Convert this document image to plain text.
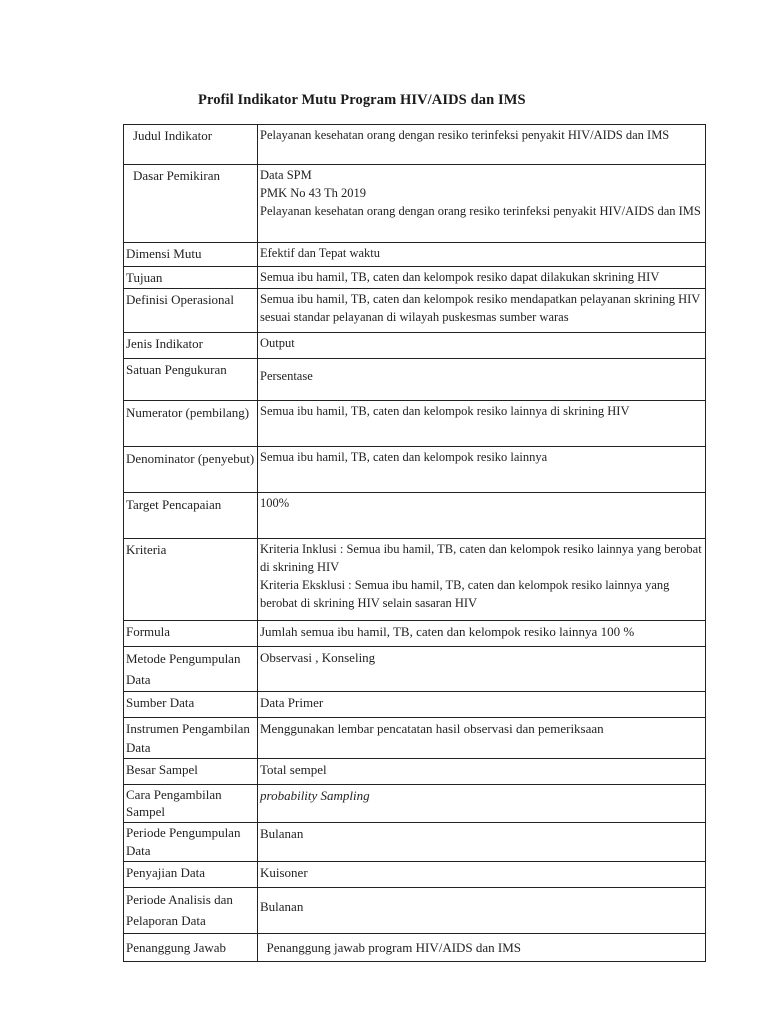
Profil Indikator Mutu Program HIV/AIDS dan IMS
Judul Indikator	Pelayanan kesehatan orang dengan resiko terinfeksi penyakit HIV/AIDS dan IMS

Dasar Pemikiran	Data SPM
PMK No 43 Th 2019
Pelayanan kesehatan orang dengan orang resiko terinfeksi penyakit HIV/AIDS dan IMS

Dimensi Mutu	Efektif dan Tepat waktu

Tujuan	Semua ibu hamil, TB, caten dan kelompok resiko dapat dilakukan skrining HIV

Definisi Operasional	Semua ibu hamil, TB, caten dan kelompok resiko mendapatkan pelayanan skrining HIV sesuai standar pelayanan di wilayah puskesmas sumber waras

Jenis Indikator	Output

Satuan Pengukuran	Persentase

Numerator (pembilang)	Semua ibu hamil, TB, caten dan kelompok resiko lainnya di skrining HIV

Denominator (penyebut)	Semua ibu hamil, TB, caten dan kelompok resiko lainnya

Target Pencapaian	100%

Kriteria	Kriteria Inklusi : Semua ibu hamil, TB, caten dan kelompok resiko lainnya yang berobat di skrining HIV
Kriteria Eksklusi : Semua ibu hamil, TB, caten dan kelompok resiko lainnya yang berobat di skrining HIV selain sasaran HIV

Formula	Jumlah semua ibu hamil, TB, caten dan kelompok resiko lainnya 100 %

Metode Pengumpulan Data	Observasi , Konseling

Sumber Data	Data Primer

Instrumen Pengambilan Data	Menggunakan lembar pencatatan hasil observasi dan pemeriksaan

Besar Sampel	Total sempel

Cara Pengambilan Sampel	probability Sampling

Periode Pengumpulan Data	Bulanan

Penyajian Data	Kuisoner

Periode Analisis dan Pelaporan Data	Bulanan

Penanggung Jawab	Penanggung jawab program HIV/AIDS dan IMS
